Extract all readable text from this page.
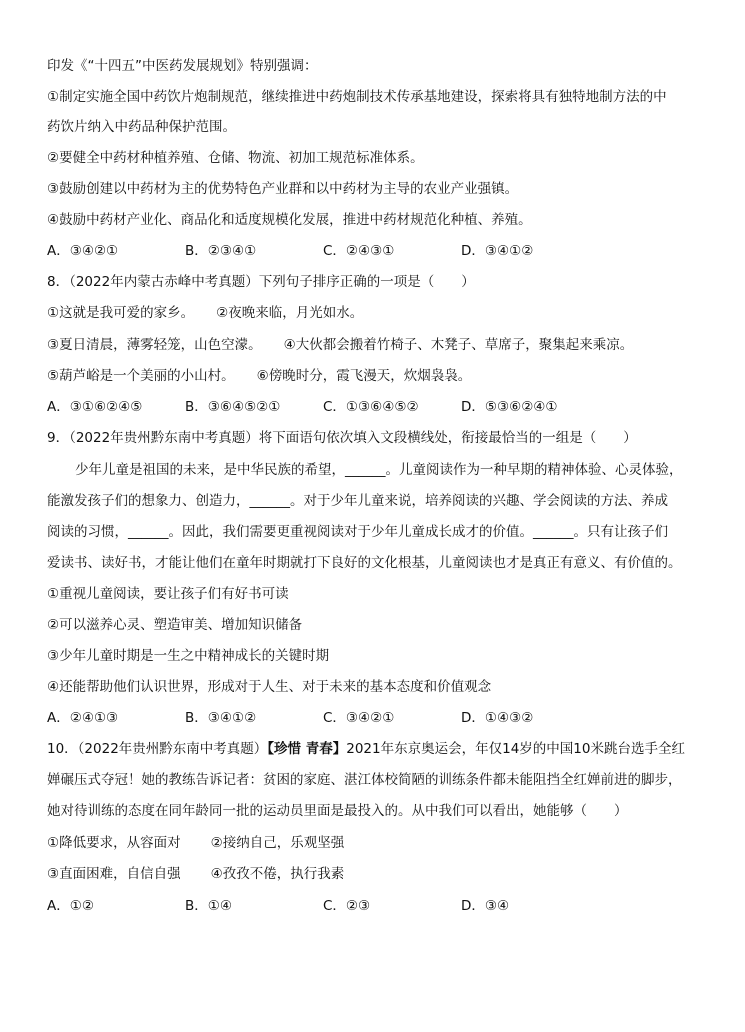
印发《“十四五”中医药发展规划》特别强调：
①制定实施全国中药饮片炮制规范，继续推进中药炮制技术传承基地建设，探索将具有独特地制方法的中
药饮片纳入中药品种保护范围。
②要健全中药材种植养殖、仓储、物流、初加工规范标准体系。
③鼓励创建以中药材为主的优势特色产业群和以中药材为主导的农业产业强镇。
④鼓励中药材产业化、商品化和适度规模化发展，推进中药材规范化种植、养殖。
A．③④②①	B．②③④①	C．②④③①	D．③④①②
8．（2022年内蒙古赤峰中考真题）下列句子排序正确的一项是（　　）
①这就是我可爱的家乡。 ②夜晚来临，月光如水。
③夏日清晨，薄雾轻笼，山色空濛。 ④大伙都会搬着竹椅子、木凳子、草席子，聚集起来乘凉。
⑤葫芦峪是一个美丽的小山村。 ⑥傍晚时分，霞飞漫天，炊烟袅袅。
A．③①⑥②④⑤	B．③⑥④⑤②①	C．①③⑥④⑤②	D．⑤③⑥②④①
9．（2022年贵州黔东南中考真题）将下面语句依次填入文段横线处，衔接最恰当的一组是（　　）
少年儿童是祖国的未来，是中华民族的希望，______。儿童阅读作为一种早期的精神体验、心灵体验，
能激发孩子们的想象力、创造力，______。对于少年儿童来说，培养阅读的兴趣、学会阅读的方法、养成
阅读的习惯，______。因此，我们需要更重视阅读对于少年儿童成长成才的价值。______。只有让孩子们
爱读书、读好书，才能让他们在童年时期就打下良好的文化根基，儿童阅读也才是真正有意义、有价值的。
①重视儿童阅读，要让孩子们有好书可读
②可以滋养心灵、塑造审美、增加知识储备
③少年儿童时期是一生之中精神成长的关键时期
④还能帮助他们认识世界，形成对于人生、对于未来的基本态度和价值观念
A．②④①③	B．③④①②	C．③④②①	D．①④③②
10．（2022年贵州黔东南中考真题）【珍惜 青春】2021年东京奥运会，年仅14岁的中国10米跳台选手全红
婵碾压式夺冠！她的教练告诉记者：贫困的家庭、湛江体校简陋的训练条件都未能阻挡全红婵前进的脚步，
她对待训练的态度在同年龄同一批的运动员里面是最投入的。从中我们可以看出，她能够（　　）
①降低要求，从容面对 ②接纳自己，乐观坚强
③直面困难，自信自强 ④孜孜不倦，执行我素
A．①②	B．①④	C．②③	D．③④
